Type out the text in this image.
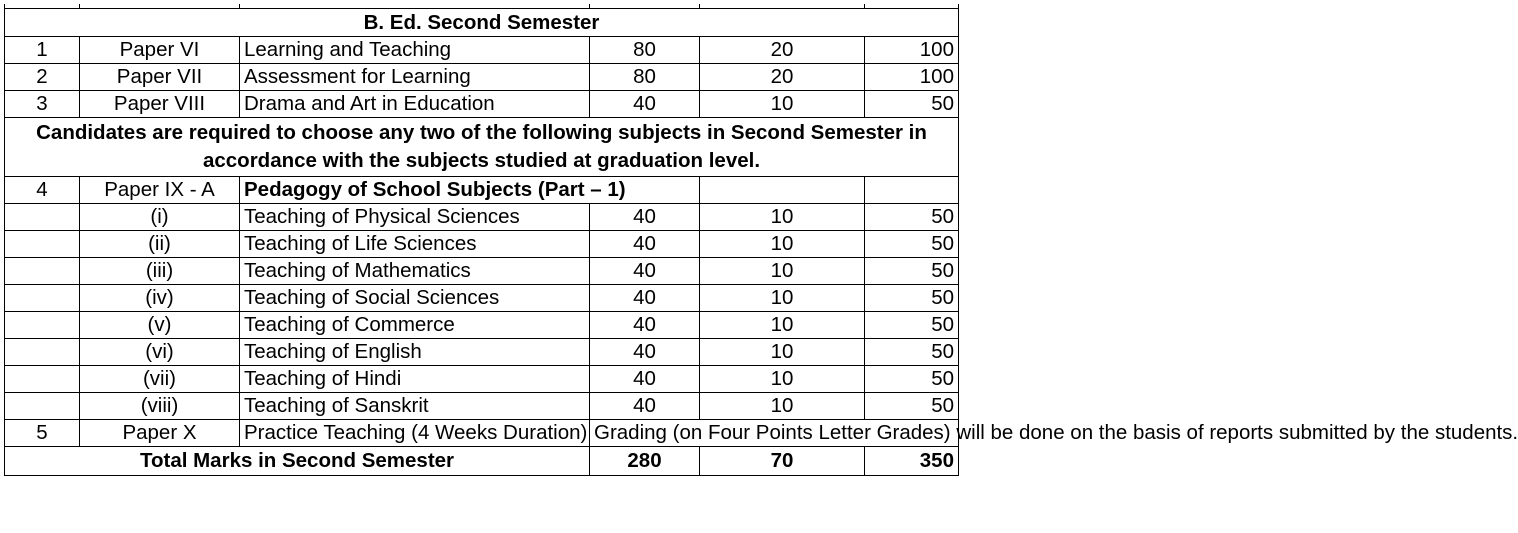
B. Ed. Second Semester					
1	Paper VI	Learning and Teaching	80	20	100
2	Paper VII	Assessment for Learning	80	20	100
3	Paper VIII	Drama and Art in Education	40	10	50
Candidates are required to choose any two of the following subjects in Second Semester in accordance with the subjects studied at graduation level.					
4	Paper IX - A	Pedagogy of School Subjects (Part – 1)			
	(i)	Teaching of Physical Sciences	40	10	50
	(ii)	Teaching of Life Sciences	40	10	50
	(iii)	Teaching of Mathematics	40	10	50
	(iv)	Teaching of Social Sciences	40	10	50
	(v)	Teaching of Commerce	40	10	50
	(vi)	Teaching of English	40	10	50
	(vii)	Teaching of Hindi	40	10	50
	(viii)	Teaching of Sanskrit	40	10	50
5	Paper X	Practice Teaching (4 Weeks Duration)	Grading (on Four Points Letter Grades) will be done on the basis of reports submitted by the students.		
Total Marks in Second Semester			280	70	350
